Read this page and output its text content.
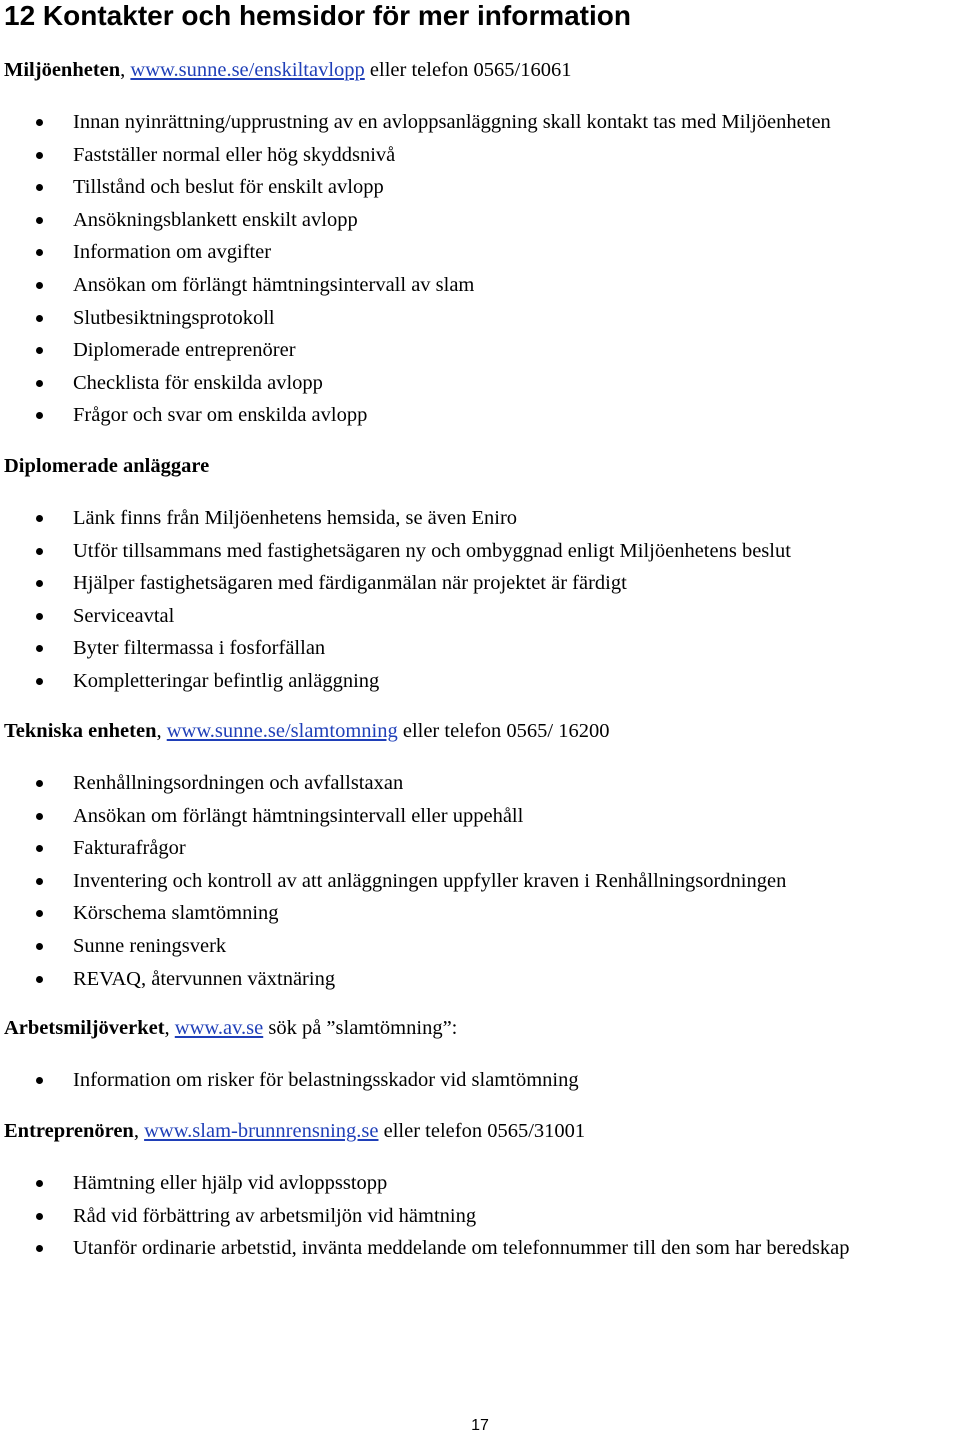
12 Kontakter och hemsidor för mer information
Miljöenheten, www.sunne.se/enskiltavlopp eller telefon 0565/16061
Innan nyinrättning/upprustning av en avloppsanläggning skall kontakt tas med Miljöenheten
Fastställer normal eller hög skyddsnivå
Tillstånd och beslut för enskilt avlopp
Ansökningsblankett enskilt avlopp
Information om avgifter
Ansökan om förlängt hämtningsintervall av slam
Slutbesiktningsprotokoll
Diplomerade entreprenörer
Checklista för enskilda avlopp
Frågor och svar om enskilda avlopp
Diplomerade anläggare
Länk finns från Miljöenhetens hemsida, se även Eniro
Utför tillsammans med fastighetsägaren ny och ombyggnad enligt Miljöenhetens beslut
Hjälper fastighetsägaren med färdiganmälan när projektet är färdigt
Serviceavtal
Byter filtermassa i fosforfällan
Kompletteringar befintlig anläggning
Tekniska enheten, www.sunne.se/slamtomning eller telefon 0565/ 16200
Renhållningsordningen och avfallstaxan
Ansökan om förlängt hämtningsintervall eller uppehåll
Fakturafrågor
Inventering och kontroll av att anläggningen uppfyller kraven i Renhållningsordningen
Körschema slamtömning
Sunne reningsverk
REVAQ, återvunnen växtnäring
Arbetsmiljöverket, www.av.se sök på ”slamtömning”:
Information om risker för belastningsskador vid slamtömning
Entreprenören, www.slam-brunnrensning.se eller telefon 0565/31001
Hämtning eller hjälp vid avloppsstopp
Råd vid förbättring av arbetsmiljön vid hämtning
Utanför ordinarie arbetstid, invänta meddelande om telefonnummer till den som har beredskap
17
